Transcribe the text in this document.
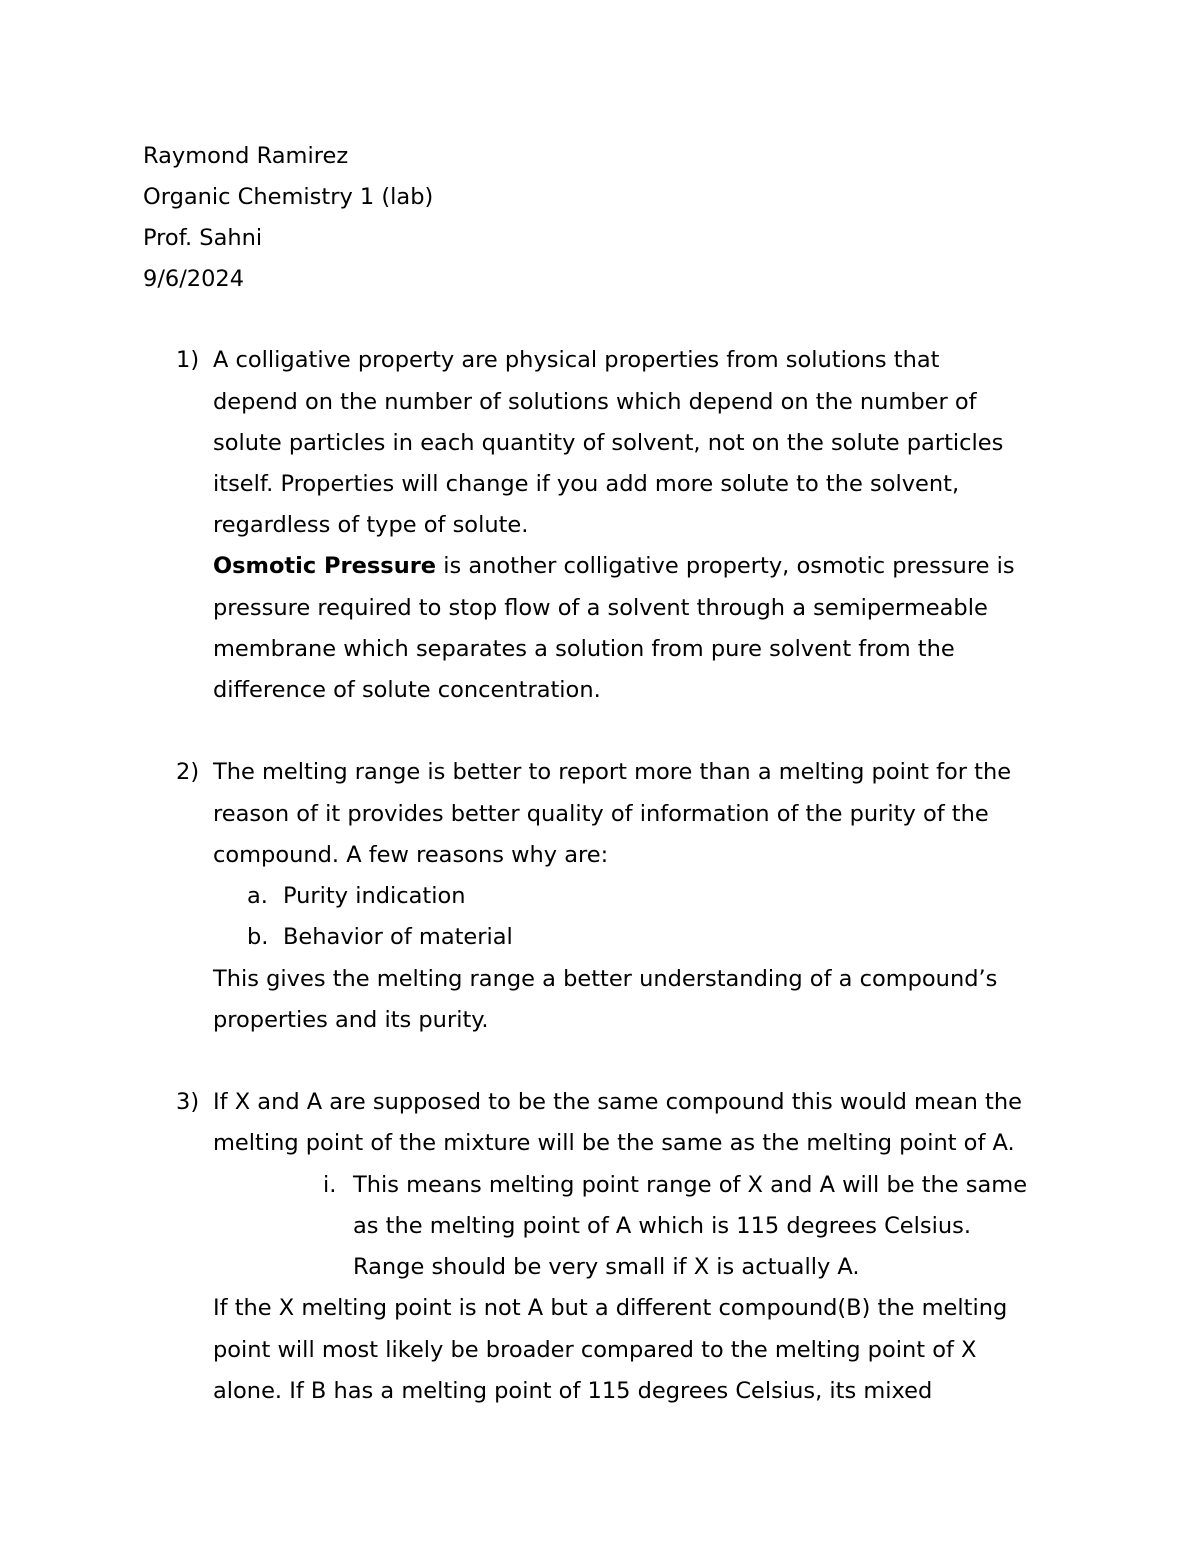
Raymond Ramirez
Organic Chemistry 1 (lab)
Prof. Sahni
9/6/2024
1) A colligative property are physical properties from solutions that
depend on the number of solutions which depend on the number of
solute particles in each quantity of solvent, not on the solute particles
itself. Properties will change if you add more solute to the solvent,
regardless of type of solute.
Osmotic Pressure is another colligative property, osmotic pressure is
pressure required to stop flow of a solvent through a semipermeable
membrane which separates a solution from pure solvent from the
difference of solute concentration.
2) The melting range is better to report more than a melting point for the
reason of it provides better quality of information of the purity of the
compound. A few reasons why are:
a. Purity indication
b. Behavior of material
This gives the melting range a better understanding of a compound’s
properties and its purity.
3) If X and A are supposed to be the same compound this would mean the
melting point of the mixture will be the same as the melting point of A.
i. This means melting point range of X and A will be the same
as the melting point of A which is 115 degrees Celsius.
Range should be very small if X is actually A.
If the X melting point is not A but a different compound(B) the melting
point will most likely be broader compared to the melting point of X
alone. If B has a melting point of 115 degrees Celsius, its mixed
